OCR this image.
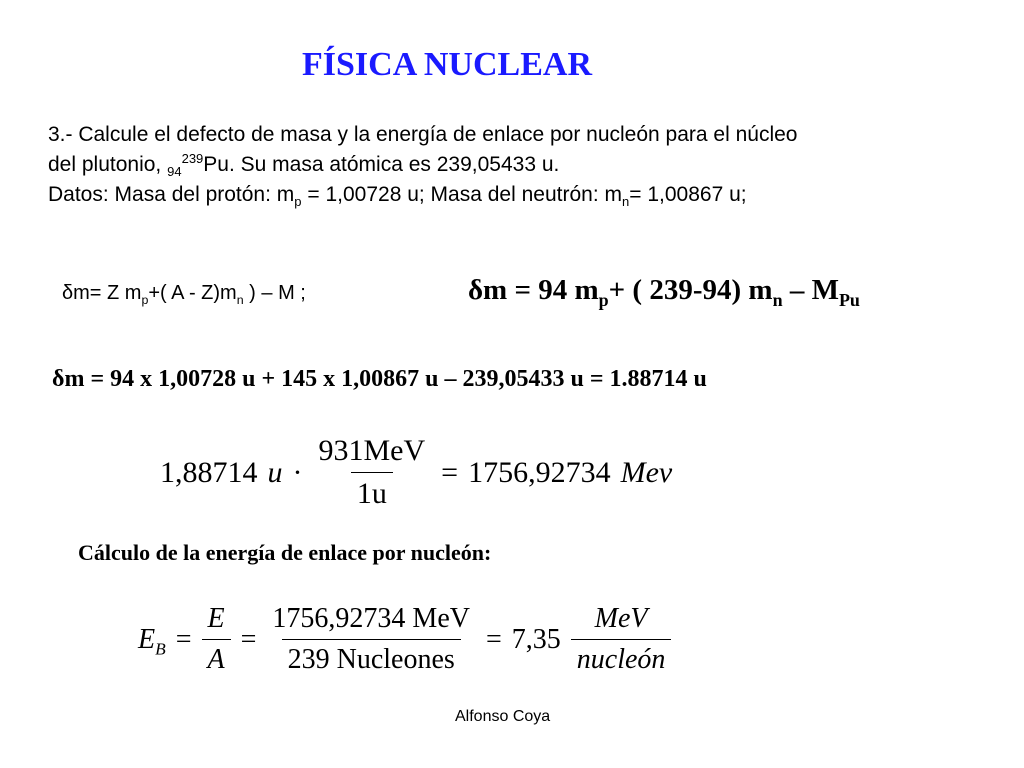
FÍSICA NUCLEAR
3.- Calcule el defecto de masa y la energía de enlace por nucleón para el núcleo
del plutonio, $_{94}^{239}$Pu. Su masa atómica es 239,05433 u.
Datos: Masa del protón: $m_p = 1,00728$ u; Masa del neutrón: $m_n= 1,00867$ u;
δm= Z $m_p+$( A - $Z)m_n$ ) – M ;	δm = 94 $m_p+$ ( 239-94) $m_n - M_{Pu}$
δm = 94 x 1,00728 u + 145 x 1,00867 u – 239,05433 u = 1.88714 u
1,88714 $u \cdot \frac{\text{931MeV}}{1u} = 1756,92734$ Mev
Cálculo de la energía de enlace por nucleón:
$E_B = \frac{E}{A} = \frac{\text{1756,92734 MeV}}{\text{239 Nucleones}} = 7,35 \frac{\text{MeV}}{\text{nucleón}}$
Alfonso Coya
